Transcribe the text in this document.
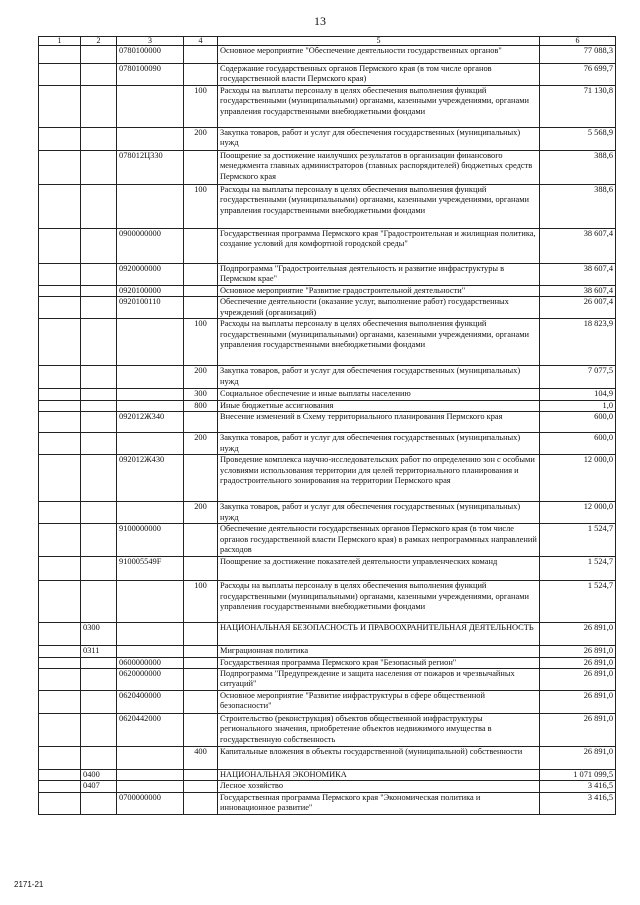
13
1	2	3	4	5	6
		0780100000		Основное мероприятие "Обеспечение деятельности государственных органов"	77 088,3
		0780100090		Содержание государственных органов Пермского края (в том числе органов государственной власти Пермского края)	76 699,7
			100	Расходы на выплаты персоналу в целях обеспечения выполнения функций государственными (муниципальными) органами, казенными учреждениями, органами управления государственными внебюджетными фондами	71 130,8
			200	Закупка товаров, работ и услуг для обеспечения государственных (муниципальных) нужд	5 568,9
		078012Ц330		Поощрение за достижение наилучших результатов в организации финансового менеджмента главных администраторов (главных распорядителей) бюджетных средств Пермского края	388,6
			100	Расходы на выплаты персоналу в целях обеспечения выполнения функций государственными (муниципальными) органами, казенными учреждениями, органами управления государственными внебюджетными фондами	388,6
		0900000000		Государственная программа Пермского края "Градостроительная и жилищная политика, создание условий для комфортной городской среды"	38 607,4
		0920000000		Подпрограмма "Градостроительная деятельность и развитие инфраструктуры в Пермском крае"	38 607,4
		0920100000		Основное мероприятие "Развитие градостроительной деятельности"	38 607,4
		0920100110		Обеспечение деятельности (оказание услуг, выполнение работ) государственных учреждений (организаций)	26 007,4
			100	Расходы на выплаты персоналу в целях обеспечения выполнения функций государственными (муниципальными) органами, казенными учреждениями, органами управления государственными внебюджетными фондами	18 823,9
			200	Закупка товаров, работ и услуг для обеспечения государственных (муниципальных) нужд	7 077,5
			300	Социальное обеспечение и иные выплаты населению	104,9
			800	Иные бюджетные ассигнования	1,0
		092012Ж340		Внесение изменений в Схему территориального планирования Пермского края	600,0
			200	Закупка товаров, работ и услуг для обеспечения государственных (муниципальных) нужд	600,0
		092012Ж430		Проведение комплекса научно-исследовательских работ по определению зон с особыми условиями использования территории для целей территориального планирования и градостроительного зонирования на территории Пермского края	12 000,0
			200	Закупка товаров, работ и услуг для обеспечения государственных (муниципальных) нужд	12 000,0
		9100000000		Обеспечение деятельности государственных органов Пермского края (в том числе органов государственной власти Пермского края) в рамках непрограммных направлений расходов	1 524,7
		910005549F		Поощрение за достижение показателей деятельности управленческих команд	1 524,7
			100	Расходы на выплаты персоналу в целях обеспечения выполнения функций государственными (муниципальными) органами, казенными учреждениями, органами управления государственными внебюджетными фондами	1 524,7
	0300			НАЦИОНАЛЬНАЯ БЕЗОПАСНОСТЬ И ПРАВООХРАНИТЕЛЬНАЯ ДЕЯТЕЛЬНОСТЬ	26 891,0
	0311			Миграционная политика	26 891,0
		0600000000		Государственная программа Пермского края "Безопасный регион"	26 891,0
		0620000000		Подпрограмма "Предупреждение и защита населения от пожаров и чрезвычайных ситуаций"	26 891,0
		0620400000		Основное мероприятие "Развитие инфраструктуры в сфере общественной безопасности"	26 891,0
		0620442000		Строительство (реконструкция) объектов общественной инфраструктуры регионального значения, приобретение объектов недвижимого имущества в государственную собственность	26 891,0
			400	Капитальные вложения в объекты государственной (муниципальной) собственности	26 891,0
	0400			НАЦИОНАЛЬНАЯ ЭКОНОМИКА	1 071 099,5
	0407			Лесное хозяйство	3 416,5
		0700000000		Государственная программа Пермского края "Экономическая политика и инновационное развитие"	3 416,5
2171-21
